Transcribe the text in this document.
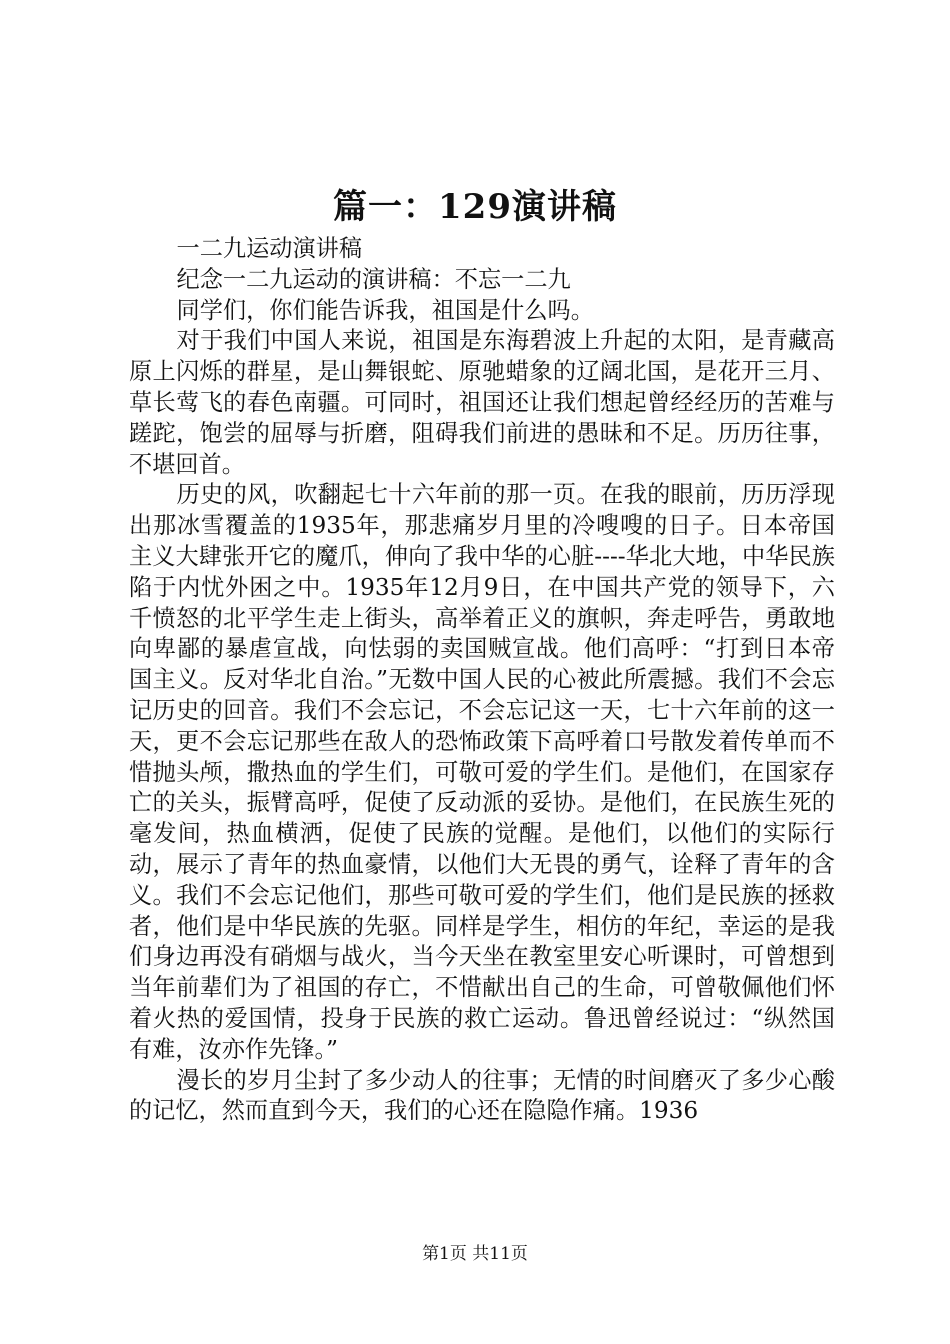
篇一：129演讲稿

一二九运动演讲稿

纪念一二九运动的演讲稿：不忘一二九

同学们，你们能告诉我，祖国是什么吗。

对于我们中国人来说，祖国是东海碧波上升起的太阳，是青藏高原上闪烁的群星，是山舞银蛇、原驰蜡象的辽阔北国，是花开三月、草长莺飞的春色南疆。可同时，祖国还让我们想起曾经经历的苦难与蹉跎，饱尝的屈辱与折磨，阻碍我们前进的愚昧和不足。历历往事，不堪回首。

历史的风，吹翻起七十六年前的那一页。在我的眼前，历历浮现出那冰雪覆盖的1935年，那悲痛岁月里的冷嗖嗖的日子。日本帝国主义大肆张开它的魔爪，伸向了我中华的心脏----华北大地，中华民族陷于内忧外困之中。1935年12月9日，在中国共产党的领导下，六千愤怒的北平学生走上街头，高举着正义的旗帜，奔走呼告，勇敢地向卑鄙的暴虐宣战，向怯弱的卖国贼宣战。他们高呼：“打到日本帝国主义。反对华北自治。”无数中国人民的心被此所震撼。我们不会忘记历史的回音。我们不会忘记，不会忘记这一天，七十六年前的这一天，更不会忘记那些在敌人的恐怖政策下高呼着口号散发着传单而不惜抛头颅，撒热血的学生们，可敬可爱的学生们。是他们，在国家存亡的关头，振臂高呼，促使了反动派的妥协。是他们，在民族生死的毫发间，热血横洒，促使了民族的觉醒。是他们，以他们的实际行动，展示了青年的热血豪情，以他们大无畏的勇气，诠释了青年的含义。我们不会忘记他们，那些可敬可爱的学生们，他们是民族的拯救者，他们是中华民族的先驱。同样是学生，相仿的年纪，幸运的是我们身边再没有硝烟与战火，当今天坐在教室里安心听课时，可曾想到当年前辈们为了祖国的存亡，不惜献出自己的生命，可曾敬佩他们怀着火热的爱国情，投身于民族的救亡运动。鲁迅曾经说过：“纵然国有难，汝亦作先锋。”

漫长的岁月尘封了多少动人的往事；无情的时间磨灭了多少心酸的记忆，然而直到今天，我们的心还在隐隐作痛。1936

第1页 共11页
